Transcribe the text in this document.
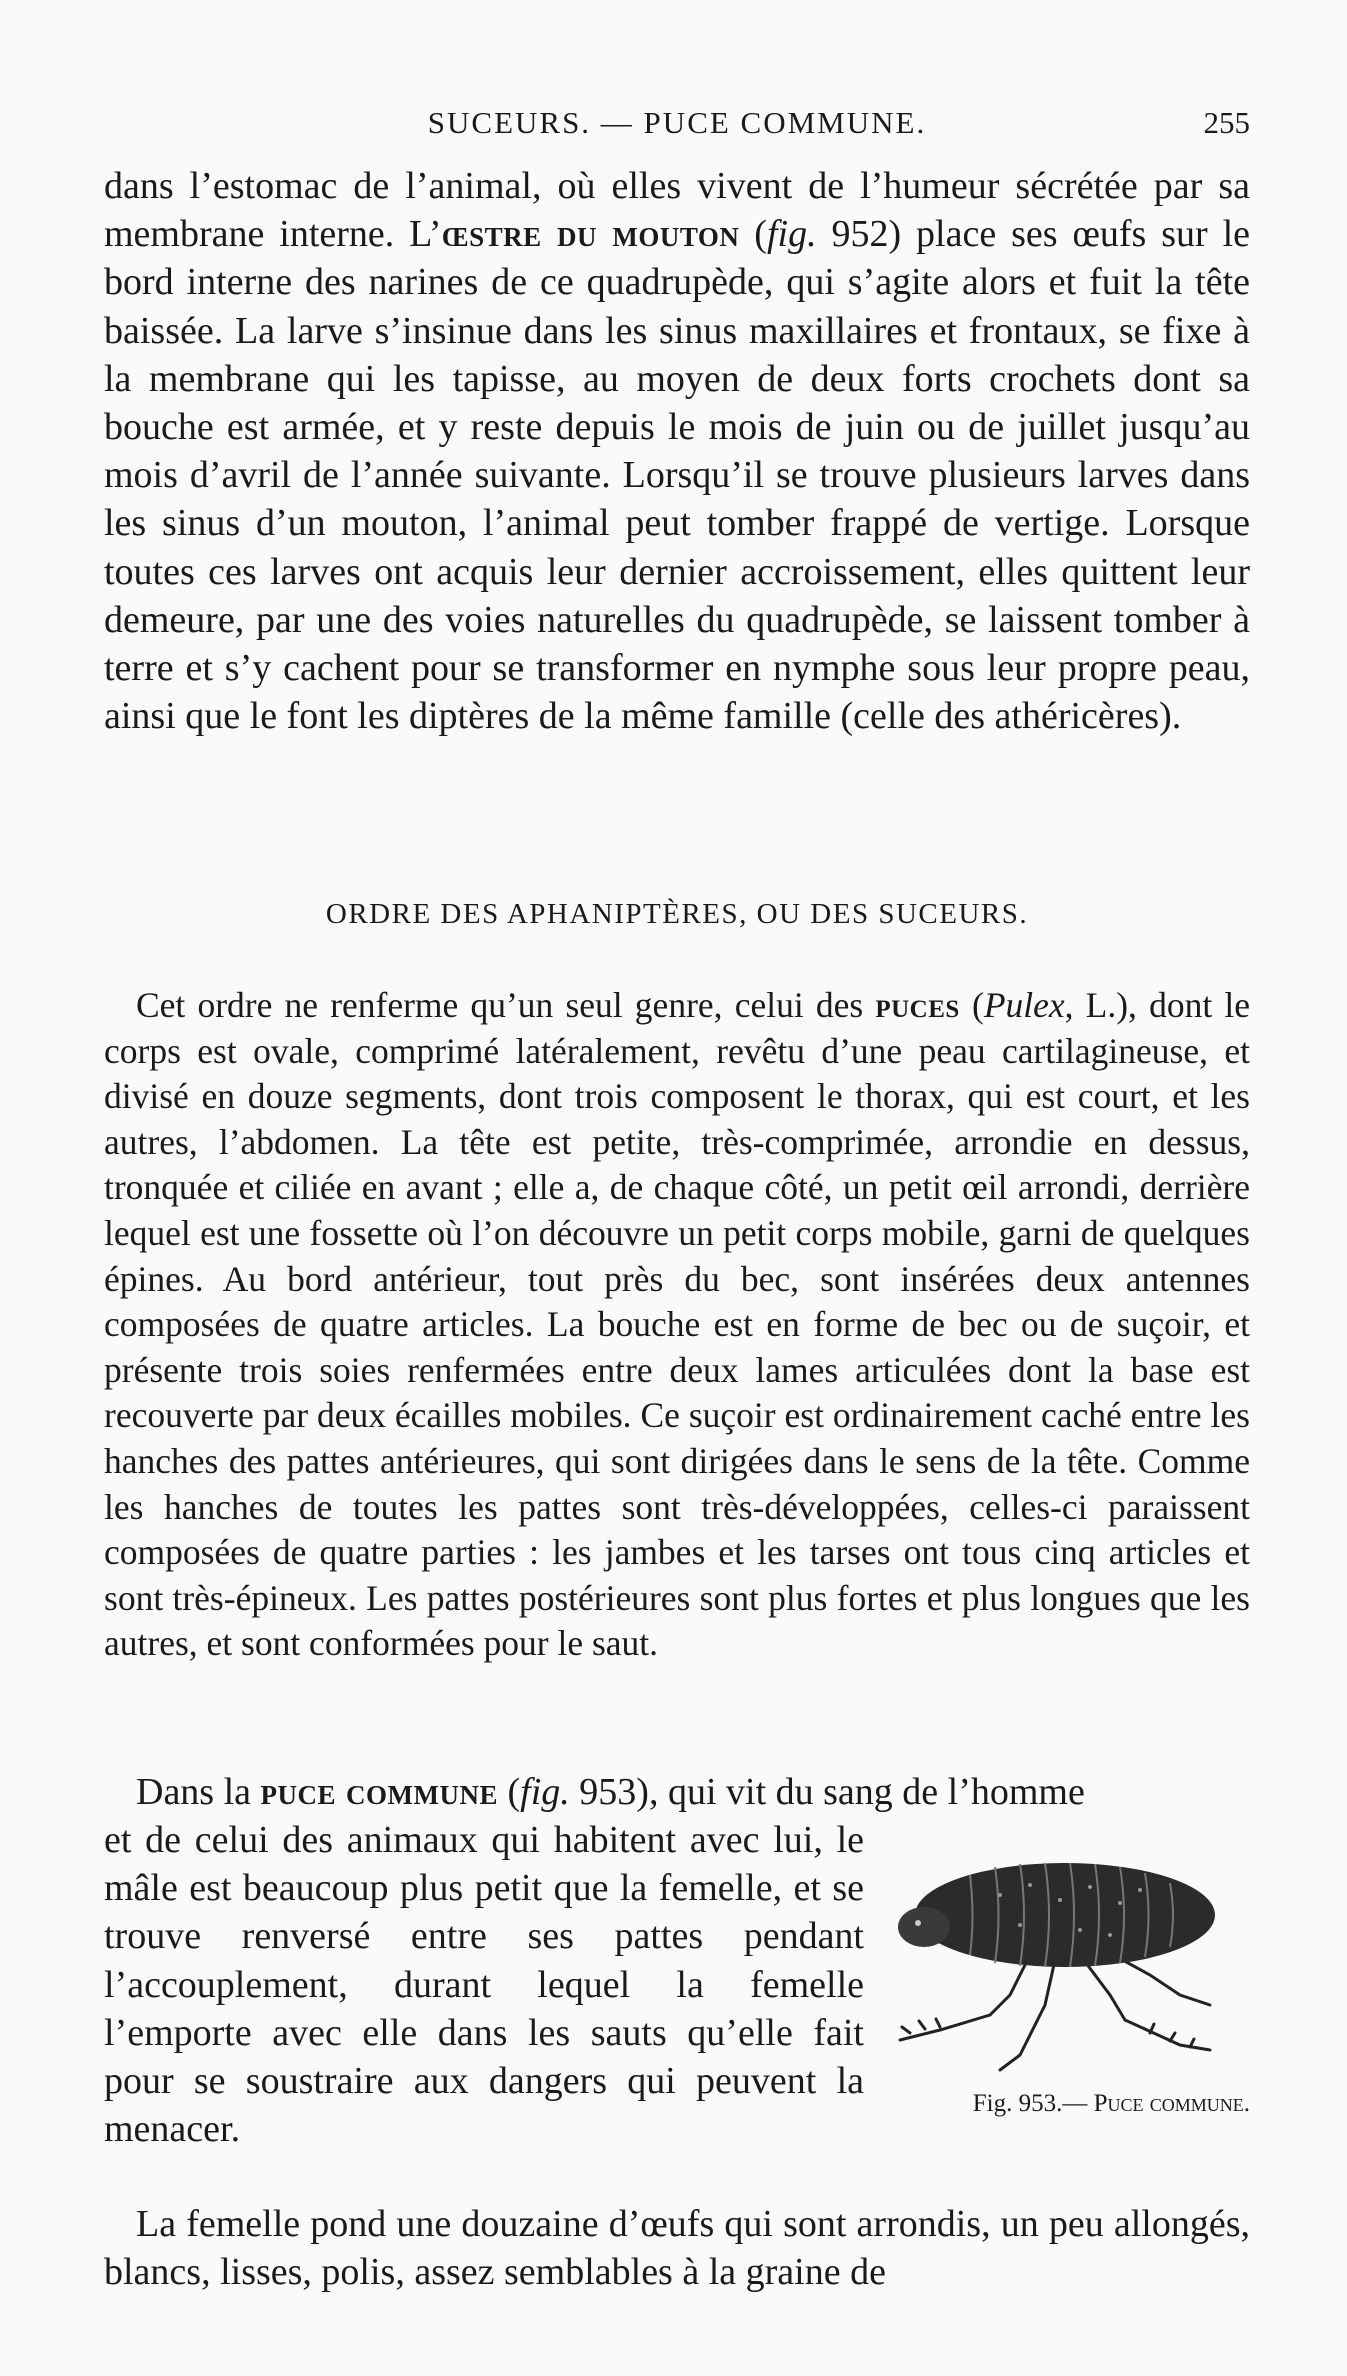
SUCEURS. — PUCE COMMUNE.	255

dans l’estomac de l’animal, où elles vivent de l’humeur sécrétée par sa membrane interne. L’œstre du mouton (fig. 952) place ses œufs sur le bord interne des narines de ce quadrupède, qui s’agite alors et fuit la tête baissée. La larve s’insinue dans les sinus maxillaires et frontaux, se fixe à la membrane qui les tapisse, au moyen de deux forts crochets dont sa bouche est armée, et y reste depuis le mois de juin ou de juillet jusqu’au mois d’avril de l’année suivante. Lorsqu’il se trouve plusieurs larves dans les sinus d’un mouton, l’animal peut tomber frappé de vertige. Lorsque toutes ces larves ont acquis leur dernier accroissement, elles quittent leur demeure, par une des voies naturelles du quadrupède, se laissent tomber à terre et s’y cachent pour se transformer en nymphe sous leur propre peau, ainsi que le font les diptères de la même famille (celle des athéricères).

ORDRE DES APHANIPTÈRES, OU DES SUCEURS.

Cet ordre ne renferme qu’un seul genre, celui des puces (Pulex, L.), dont le corps est ovale, comprimé latéralement, revêtu d’une peau cartilagineuse, et divisé en douze segments, dont trois composent le thorax, qui est court, et les autres, l’abdomen. La tête est petite, très-comprimée, arrondie en dessus, tronquée et ciliée en avant ; elle a, de chaque côté, un petit œil arrondi, derrière lequel est une fossette où l’on découvre un petit corps mobile, garni de quelques épines. Au bord antérieur, tout près du bec, sont insérées deux antennes composées de quatre articles. La bouche est en forme de bec ou de suçoir, et présente trois soies renfermées entre deux lames articulées dont la base est recouverte par deux écailles mobiles. Ce suçoir est ordinairement caché entre les hanches des pattes antérieures, qui sont dirigées dans le sens de la tête. Comme les hanches de toutes les pattes sont très-développées, celles-ci paraissent composées de quatre parties : les jambes et les tarses ont tous cinq articles et sont très-épineux. Les pattes postérieures sont plus fortes et plus longues que les autres, et sont conformées pour le saut.

Dans la puce commune (fig. 953), qui vit du sang de l’homme

et de celui des animaux qui habitent avec lui, le mâle est beaucoup plus petit que la femelle, et se trouve renversé entre ses pattes pendant l’accouplement, durant lequel la femelle l’emporte avec elle dans les sauts qu’elle fait pour se soustraire aux dangers qui peuvent la menacer.

Fig. 953.— Puce commune.

La femelle pond une douzaine d’œufs qui sont arrondis, un peu allongés, blancs, lisses, polis, assez semblables à la graine de
